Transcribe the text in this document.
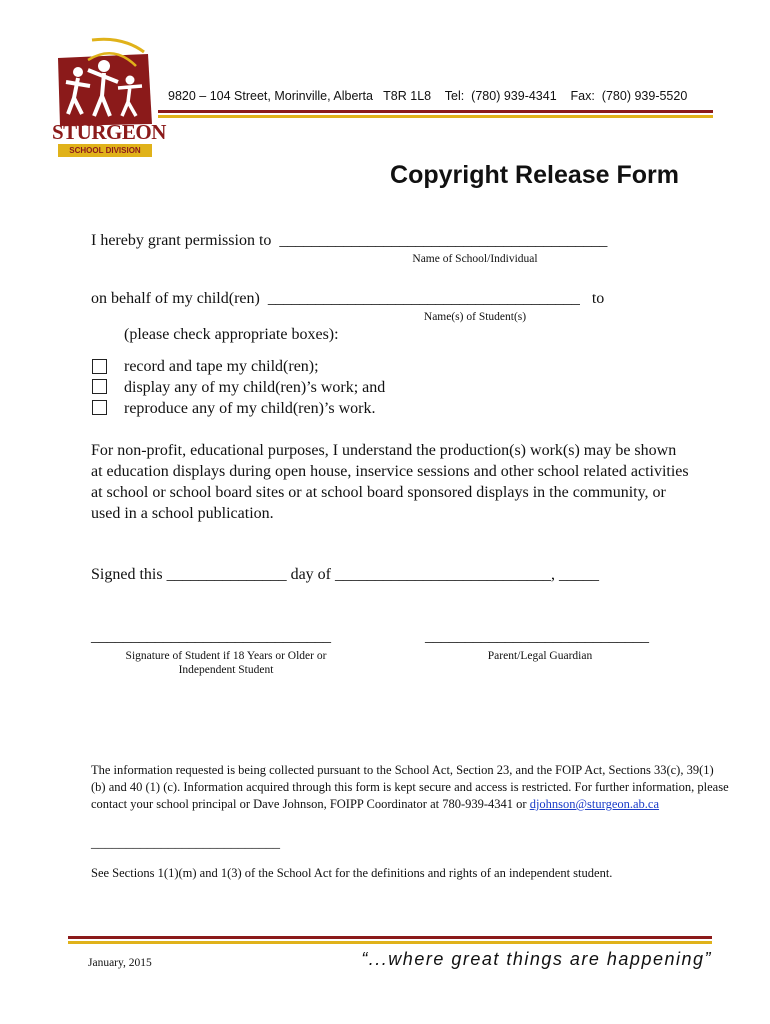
STURGEON
SCHOOL DIVISION
9820 – 104 Street, Morinville, Alberta   T8R 1L8    Tel:  (780) 939-4341    Fax:  (780) 939-5520
Copyright Release Form
I hereby grant permission to  _________________________________________
Name of School/Individual
on behalf of my child(ren)  _______________________________________   to
Name(s) of Student(s)
(please check appropriate boxes):
record and tape my child(ren);
display any of my child(ren)’s work; and
reproduce any of my child(ren)’s work.
For non-profit, educational purposes, I understand the production(s) work(s) may be shown at education displays during open house, inservice sessions and other school related activities at school or school board sites or at school board sponsored displays in the community, or used in a school publication.
Signed this _______________ day of ___________________________, _____
______________________________	____________________________
Signature of Student if 18 Years or Older or
Independent Student
Parent/Legal Guardian
The information requested is being collected pursuant to the School Act, Section 23, and the FOIP Act, Sections 33(c), 39(1) (b) and 40 (1) (c). Information acquired through this form is kept secure and access is restricted. For further information, please contact your school principal or Dave Johnson, FOIPP Coordinator at 780-939-4341 or djohnson@sturgeon.ab.ca
___________________________
See Sections 1(1)(m) and 1(3) of the School Act for the definitions and rights of an independent student.
January, 2015	“...where great things are happening”
